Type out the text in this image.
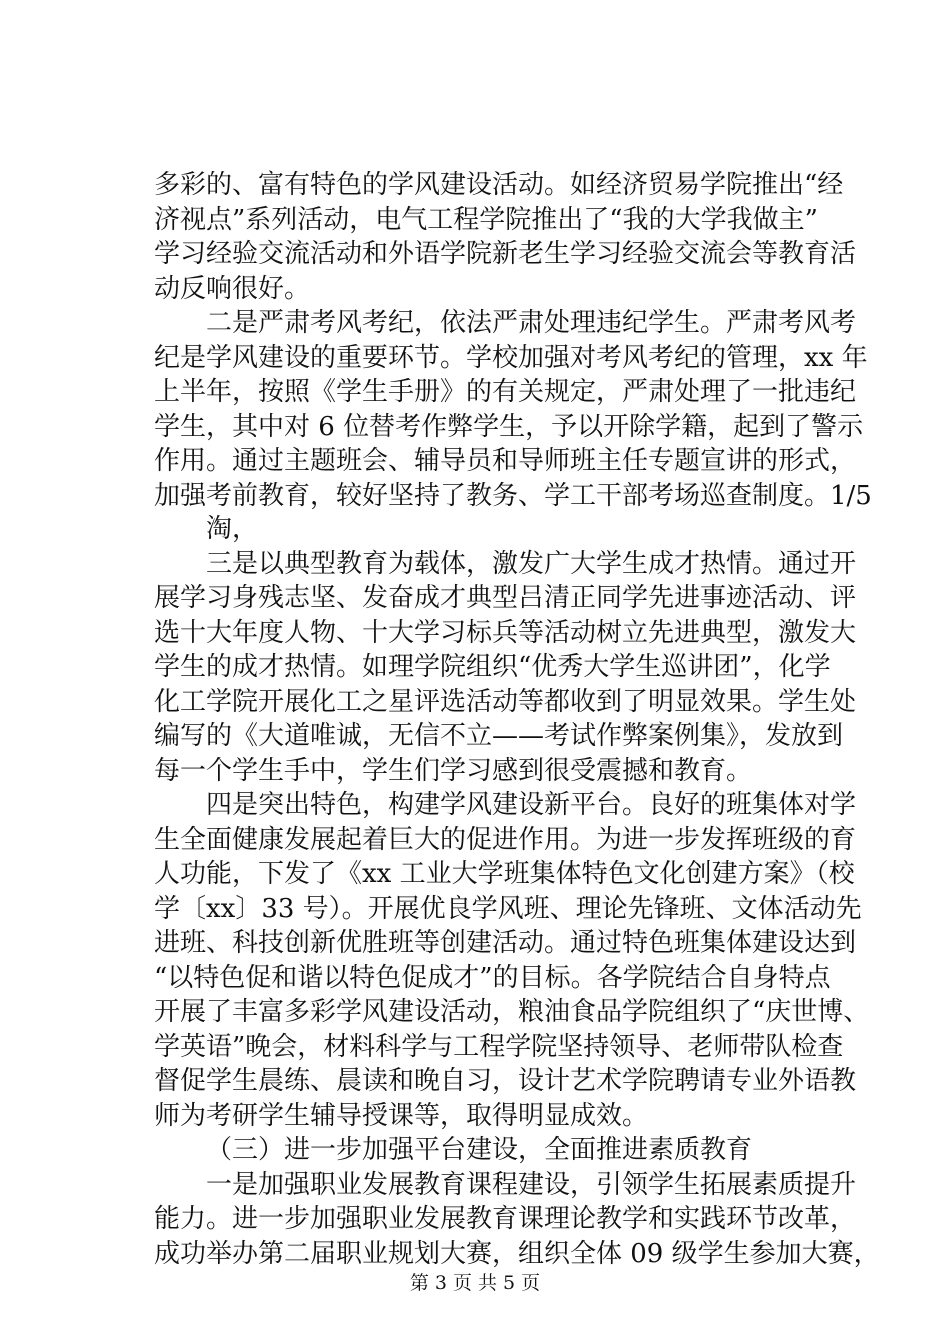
多彩的、富有特色的学风建设活动。如经济贸易学院推出“经
济视点”系列活动，电气工程学院推出了“我的大学我做主”
学习经验交流活动和外语学院新老生学习经验交流会等教育活
动反响很好。
二是严肃考风考纪，依法严肃处理违纪学生。严肃考风考
纪是学风建设的重要环节。学校加强对考风考纪的管理，xx 年
上半年，按照《学生手册》的有关规定，严肃处理了一批违纪
学生，其中对 6 位替考作弊学生，予以开除学籍，起到了警示
作用。通过主题班会、辅导员和导师班主任专题宣讲的形式，
加强考前教育，较好坚持了教务、学工干部考场巡查制度。1/5
淘，
三是以典型教育为载体，激发广大学生成才热情。通过开
展学习身残志坚、发奋成才典型吕清正同学先进事迹活动、评
选十大年度人物、十大学习标兵等活动树立先进典型，激发大
学生的成才热情。如理学院组织“优秀大学生巡讲团”，化学
化工学院开展化工之星评选活动等都收到了明显效果。学生处
编写的《大道唯诚，无信不立——考试作弊案例集》，发放到
每一个学生手中，学生们学习感到很受震撼和教育。
四是突出特色，构建学风建设新平台。良好的班集体对学
生全面健康发展起着巨大的促进作用。为进一步发挥班级的育
人功能，下发了《xx 工业大学班集体特色文化创建方案》（校
学〔xx〕33 号）。开展优良学风班、理论先锋班、文体活动先
进班、科技创新优胜班等创建活动。通过特色班集体建设达到
“以特色促和谐以特色促成才”的目标。各学院结合自身特点
开展了丰富多彩学风建设活动，粮油食品学院组织了“庆世博、
学英语”晚会，材料科学与工程学院坚持领导、老师带队检查
督促学生晨练、晨读和晚自习，设计艺术学院聘请专业外语教
师为考研学生辅导授课等，取得明显成效。
（三）进一步加强平台建设，全面推进素质教育
一是加强职业发展教育课程建设，引领学生拓展素质提升
能力。进一步加强职业发展教育课理论教学和实践环节改革，
成功举办第二届职业规划大赛，组织全体 09 级学生参加大赛，
第 3 页 共 5 页
